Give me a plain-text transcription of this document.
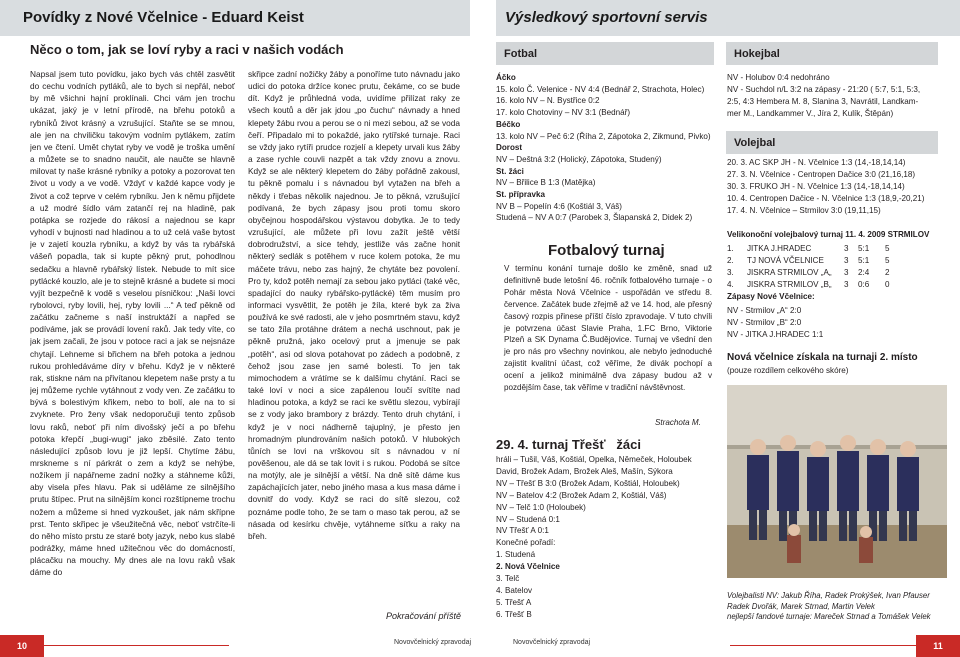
Povídky z Nové Včelnice - Eduard Keist
Něco o tom, jak se loví ryby a raci v našich vodách
Napsal jsem tuto povídku, jako bych vás chtěl zasvětit do cechu vodních pytláků, ale to bych si nepřál, neboť by mě všichni hajní proklínali. Chci vám jen trochu ukázat, jaký je v letní přírodě, na břehu potoků a rybníků život krásný a vzrušující. Staňte se se mnou, ale jen na chviličku takovým vodním pytlákem, zatím jen ve čtení. Umět chytat ryby ve vodě je troška umění a můžete se to snadno naučit, ale naučte se hlavně milovat ty naše krásné rybníky a potoky a pozorovat ten život u vody a ve vodě. Vždyť v každé kapce vody je život a což teprve v celém rybníku. Jen k němu přijdete a už modré šídlo vám zatančí rej na hladině, pak potápka se rozjede do rákosí a najednou se kapr vyhodí v bujnosti nad hladinou a to už celá vaše bytost je v zajetí kouzla rybníku, a když by vás ta rybářská vášeň popadla, tak si kupte pěkný prut, pohodlnou sedačku a hlavně rybářský lístek. Nebude to mít sice pytlácké kouzlo, ale je to stejně krásné a budete si moci vyjít bezpečně k vodě s veselou písničkou: „Naši lovci rybolovci, ryby lovili, hej, ryby lovili ...“ A teď pěkně od začátku začneme s naší instruktáží a napřed se podíváme, jak se provádí lovení raků. Jak tedy víte, co jak jsem začali, že jsou v potoce raci a jak se nejsnáze chytají. Lehneme si břichem na břeh potoka a jednou rukou prohledáváme díry v břehu. Když je v některé rak, stiskne nám na přivítanou klepetem naše prsty a tu jej můžeme rychle vytáhnout z vody ven. Ze začátku to bývá s bolestivým křikem, nebo to bolí, ale na to si zvyknete. Pro ženy však nedoporučuji tento způsob lovu raků, neboť při ním divošský ječí a po břehu potoka křepčí „bugi-wugi“ jako zběsilé. Zato tento následující způsob lovu je již lepší. Chytíme žábu, mrskneme s ní párkrát o zem a když se nehýbe, nožíkem jí napářneme zadní nožky a stáhneme kůži, aby visela přes hlavu. Pak si uděláme ze silnějšího prutu štípec. Prut na silnějším konci rozštípneme trochu nožem a můžeme si hned vyzkoušet, jak nám skřípne prst. Tento skřipec je všeužitečná věc, neboť vstrčíte-li do něho místo prstu ze staré boty jazyk, nebo kus slabé podrážky, máme hned užitečnou věc do domácností, plácačku na mouchy. My dnes ale na lovu raků však dáme do
skřipce zadní nožičky žáby a ponoříme tuto návnadu jako udici do potoka držíce konec prutu, čekáme, co se bude dít. Když je průhledná voda, uvidíme přilízat raky ze všech koutů a děr jak jdou „po čuchu“ návnady a hned klepety žábu rvou a perou se o ni mezi sebou, až se voda čeří. Připadalo mi to pokaždé, jako rytířské turnaje. Raci se vždy jako rytíři prudce rozjelí a klepety urvali kus žáby a zase rychle couvli nazpět a tak vždy znovu a znovu. Když se ale některý klepetem do žáby pořádně zakousl, tu pěkně pomalu i s návnadou byl vytažen na břeh a někdy i třebas několik najednou. Je to pěkná, vzrušující podívaná, že bych zápasy jsou proti tomu skoro obyčejnou hospodářskou výstavou dobytka. Je to tedy vzrušující, ale můžete při lovu zažít ještě větší dobrodružství, a sice tehdy, jestliže vás začne honit některý sedlák s potěhem v ruce kolem potoka, že mu máčete trávu, nebo zas hajný, že chytáte bez povolení. Pro ty, kdož potěh nemají za sebou jako pytláci (také věc, spadající do nauky rybářsko-pytlácké) těm musím pro informaci vysvětlit, že potěh je žíla, které byk za živa používá ke své radosti, ale v jeho posmrtném stavu, když se tato žíla protáhne drátem a nechá uschnout, pak je pěkně pružná, jako ocelový prut a jmenuje se pak „potěh“, asi od slova potahovat po zádech a podobně, z čehož jsou zase jen samé bolesti. To jen tak mimochodem a vrátíme se k dalšímu chytání. Raci se také loví v noci a sice zapálenou loučí svítíte nad hladinou potoka, a když se raci ke světlu slezou, vybírají se z vody jako brambory z brázdy. Tento druh chytání, i když je v noci nádherně tajuplný, je přesto jen hromadným plundrováním našich potoků. V hlubokých tůních se lovi na vrškovou sít s návnadou v ní pověšenou, ale dá se tak lovit i s rukou. Podobá se sítce na motýly, ale je silnější a větší. Na dně sítě dáme kus zapáchajících jater, nebo jiného masa a kus masa dáme i dovnitř do vody. Když se raci do sítě slezou, což poznáme podle toho, že se tam o maso tak perou, až se násada od kesírku chvěje, vytáhneme síťku a raky na břeh.
Pokračování příště
10	Novovčelnický zpravodaj
Výsledkový sportovní servis
Fotbal
Áčko
15. kolo Č. Velenice - NV 4:4 (Bednář 2, Strachota, Holec)
16. kolo NV – N. Bystřice 0:2
17. kolo Chotoviny – NV 3:1 (Bednář)
Béčko
13. kolo NV – Peč 6:2 (Říha 2, Zápotoka 2, Zikmund, Pivko)
Dorost
NV – Deštná 3:2 (Holický, Zápotoka, Studený)
St. žáci
NV – Břilice B 1:3 (Matějka)
St. přípravka
NV B – Popelín 4:6 (Koštiál 3, Váš)
Studená – NV A 0:7 (Parobek 3, Šlapanská 2, Didek 2)
Fotbalový turnaj
V termínu konání turnaje došlo ke změně, snad už definitivně bude letošní 46. ročník fotbalového turnaje - o Pohár města Nová Včelnice - uspořádán ve středu 8. července. Začátek bude zřejmě až ve 14. hod, ale přesný časový rozpis přinese příští číslo zpravodaje. V tuto chvíli je potvrzena účast Slavie Praha, 1.FC Brno, Viktorie Plzeň a SK Dynama Č.Budějovice. Turnaj ve všední den je pro nás pro všechny novinkou, ale nebylo jednoduché zajistit kvalitní účast, což věříme, že divák pochopí a ocení a jelikož minimálně dva zápasy budou až v pozdějším čase, tak věříme v tradiční návštěvnost.
Strachota M.
29. 4. turnaj Třešť   žáci
hráli – Tušil, Váš, Koštiál, Opelka, Němeček, Holoubek
David, Brožek Adam, Brožek Aleš, Mašín, Sýkora
NV – Třešť B 3:0 (Brožek Adam, Koštiál, Holoubek)
NV – Batelov 4:2 (Brožek Adam 2, Koštiál, Váš)
NV – Telč 1:0 (Holoubek)
NV – Studená 0:1
NV Třešť A 0:1
Konečné pořadí:
1. Studená
2. Nová Včelnice
3. Telč
4. Batelov
5. Třešť A
6. Třešť B
Hokejbal
NV - Holubov 0:4 nedohráno
NV - Suchdol n/L 3:2 na zápasy - 21:20 ( 5:7, 5:1, 5:3,
2:5, 4:3 Hembera M. 8, Slanina 3, Navrátil, Landkam-
mer M., Landkammer V., Jíra 2, Kulík, Štěpán)
Volejbal
20. 3. AC SKP JH - N. Včelnice 1:3 (14,-18,14,14)
27. 3. N. Včelnice - Centropen Dačice 3:0 (21,16,18)
30. 3. FRUKO JH - N. Včelnice 1:3 (14,-18,14,14)
10. 4. Centropen Dačice - N. Včelnice 1:3 (18,9,-20,21)
17. 4. N. Včelnice – Strmilov 3:0 (19,11,15)
Velikonoční volejbalový turnaj 11. 4. 2009 STRMILOV
1. JITKA J.HRADEC	3 5:1 5
2. TJ NOVÁ VČELNICE 3 5:1 5
3. JISKRA STRMILOV „A„ 3 2:4 2
4. JISKRA STRMILOV „B„ 3 0:6 0
Zápasy Nové Včelnice:
NV - Strmilov „A“ 2:0
NV - Strmilov „B“ 2:0
NV - JITKA J.HRADEC 1:1
Nová včelnice získala na turnaji 2. místo
(pouze rozdílem celkového skóre)
Volejbalisti NV: Jakub Říha, Radek Prokýšek, Ivan Pfauser
Radek Dvořák, Marek Strnad, Martin Velek
nejlepší fandové turnaje: Mareček Strnad a Tomášek Velek
Novovčelnický zpravodaj	11
